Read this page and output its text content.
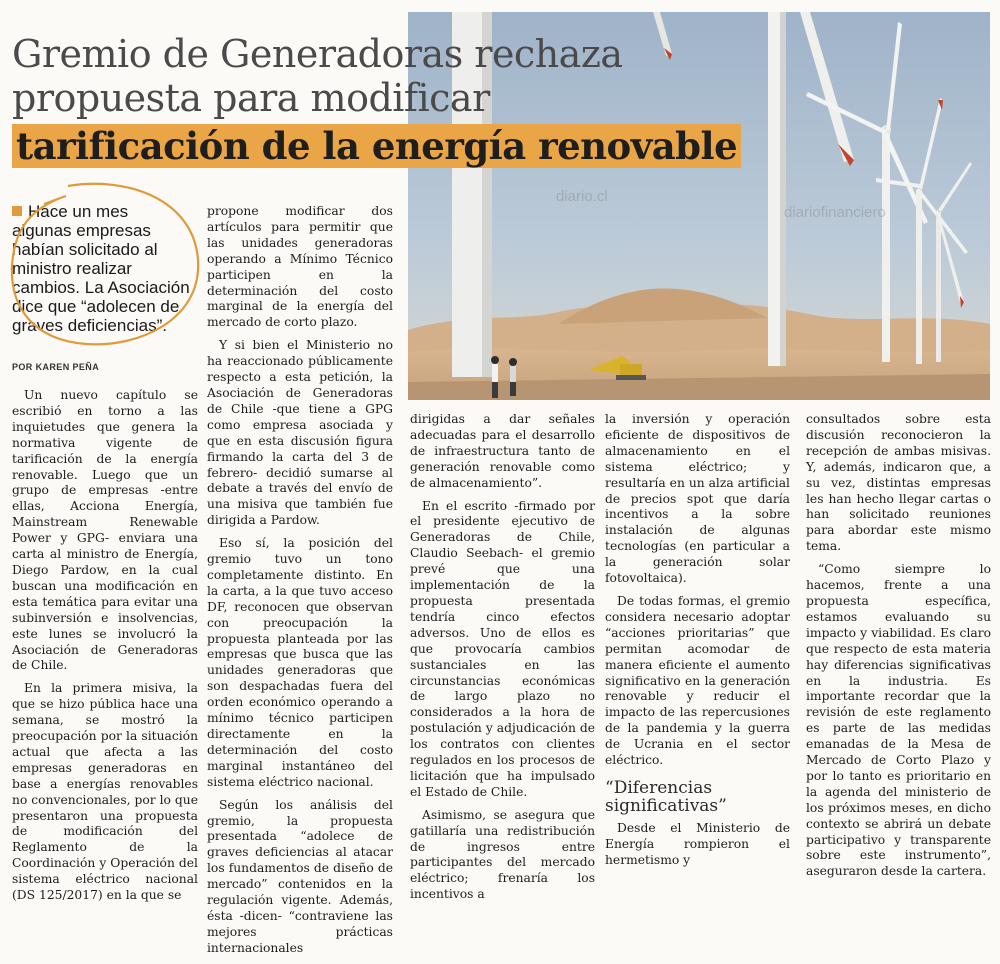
Gremio de Generadoras rechaza
propuesta para modificar
tarificación de la energía renovable
diario.cl
diariofinanciero
Hace un mes algunas empresas habían solicitado al ministro realizar cambios. La Asociación dice que “adolecen de graves deficiencias”.
POR KAREN PEÑA

Un nuevo capítulo se escribió en torno a las inquietudes que genera la normativa vigente de tarificación de la energía renovable. Luego que un grupo de empresas -entre ellas, Acciona Energía, Mainstream Renewable Power y GPG- enviara una carta al ministro de Energía, Diego Pardow, en la cual buscan una modificación en esta temática para evitar una subinversión e insolvencias, este lunes se involucró la Asociación de Generadoras de Chile.

En la primera misiva, la que se hizo pública hace una semana, se mostró la preocupación por la situación actual que afecta a las empresas generadoras en base a energías renovables no convencionales, por lo que presentaron una propuesta de modificación del Reglamento de la Coordinación y Operación del sistema eléctrico nacional (DS 125/2017) en la que se

propone modificar dos artículos para permitir que las unidades generadoras operando a Mínimo Técnico participen en la determinación del costo marginal de la energía del mercado de corto plazo.

Y si bien el Ministerio no ha reaccionado públicamente respecto a esta petición, la Asociación de Generadoras de Chile -que tiene a GPG como empresa asociada y que en esta discusión figura firmando la carta del 3 de febrero- decidió sumarse al debate a través del envío de una misiva que también fue dirigida a Pardow.

Eso sí, la posición del gremio tuvo un tono completamente distinto. En la carta, a la que tuvo acceso DF, reconocen que observan con preocupación la propuesta planteada por las empresas que busca que las unidades generadoras que son despachadas fuera del orden económico operando a mínimo técnico participen directamente en la determinación del costo marginal instantáneo del sistema eléctrico nacional.

Según los análisis del gremio, la propuesta presentada “adolece de graves deficiencias al atacar los fundamentos de diseño de mercado” contenidos en la regulación vigente. Además, ésta -dicen- “contraviene las mejores prácticas internacionales

dirigidas a dar señales adecuadas para el desarrollo de infraestructura tanto de generación renovable como de almacenamiento”.

En el escrito -firmado por el presidente ejecutivo de Generadoras de Chile, Claudio Seebach- el gremio prevé que una implementación de la propuesta presentada tendría cinco efectos adversos. Uno de ellos es que provocaría cambios sustanciales en las circunstancias económicas de largo plazo no considerados a la hora de postulación y adjudicación de los contratos con clientes regulados en los procesos de licitación que ha impulsado el Estado de Chile.

Asimismo, se asegura que gatillaría una redistribución de ingresos entre participantes del mercado eléctrico; frenaría los incentivos a

la inversión y operación eficiente de dispositivos de almacenamiento en el sistema eléctrico; y resultaría en un alza artificial de precios spot que daría incentivos a la sobre instalación de algunas tecnologías (en particular a la generación solar fotovoltaica).

De todas formas, el gremio considera necesario adoptar “acciones prioritarias” que permitan acomodar de manera eficiente el aumento significativo en la generación renovable y reducir el impacto de las repercusiones de la pandemia y la guerra de Ucrania en el sector eléctrico.

“Diferencias significativas”

Desde el Ministerio de Energía rompieron el hermetismo y

consultados sobre esta discusión reconocieron la recepción de ambas misivas. Y, además, indicaron que, a su vez, distintas empresas les han hecho llegar cartas o han solicitado reuniones para abordar este mismo tema.

“Como siempre lo hacemos, frente a una propuesta específica, estamos evaluando su impacto y viabilidad. Es claro que respecto de esta materia hay diferencias significativas en la industria. Es importante recordar que la revisión de este reglamento es parte de las medidas emanadas de la Mesa de Mercado de Corto Plazo y por lo tanto es prioritario en la agenda del ministerio de los próximos meses, en dicho contexto se abrirá un debate participativo y transparente sobre este instrumento”, aseguraron desde la cartera.
